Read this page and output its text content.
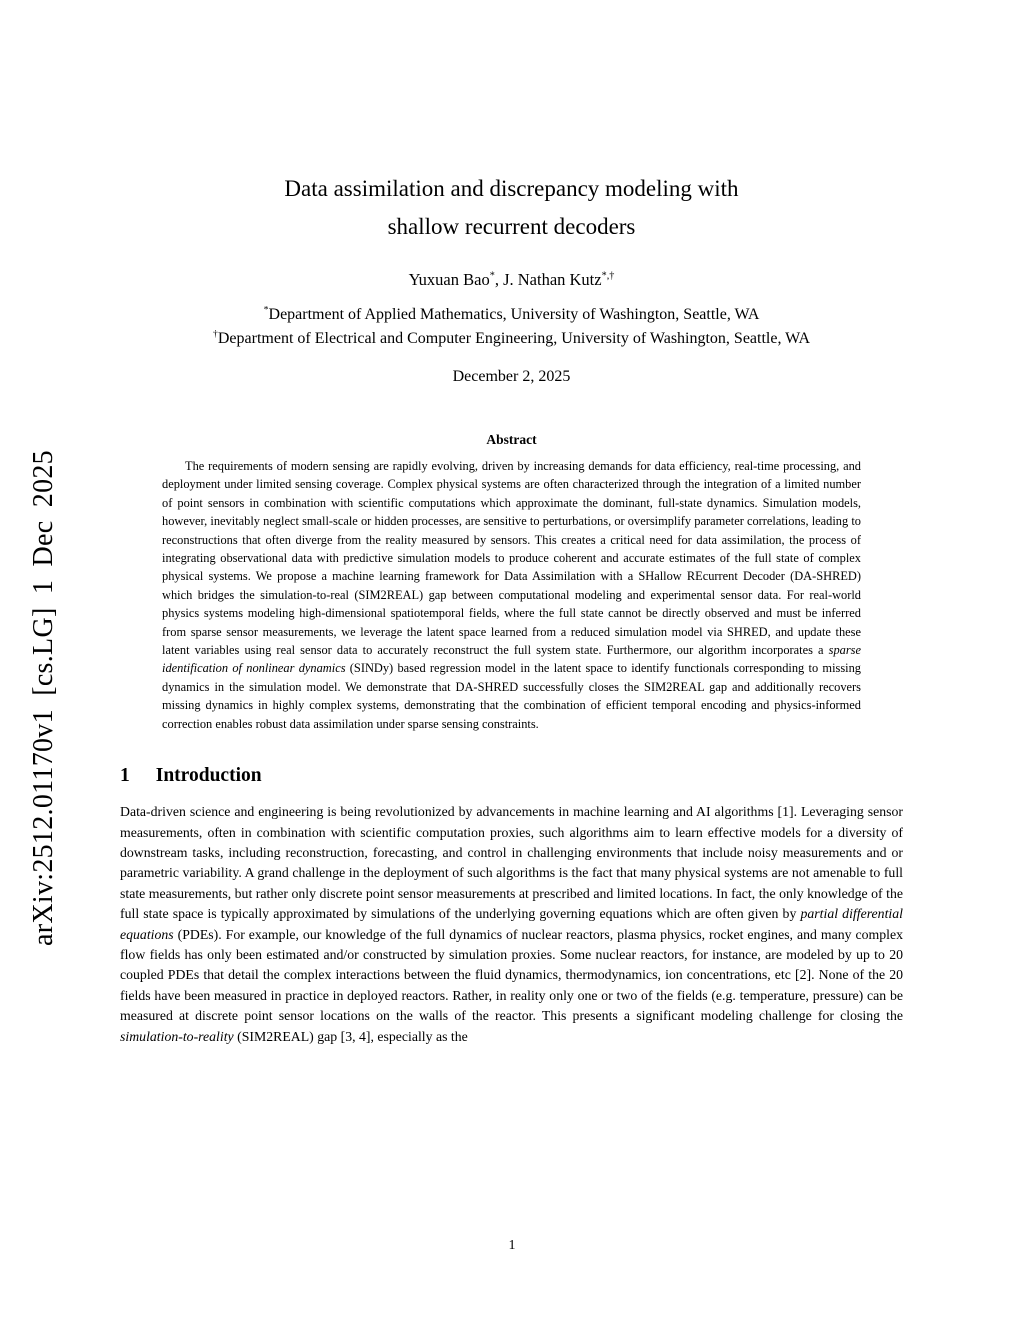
arXiv:2512.01170v1 [cs.LG] 1 Dec 2025
Data assimilation and discrepancy modeling with
shallow recurrent decoders
Yuxuan Bao*, J. Nathan Kutz*,†
*Department of Applied Mathematics, University of Washington, Seattle, WA
†Department of Electrical and Computer Engineering, University of Washington, Seattle, WA
December 2, 2025
Abstract

The requirements of modern sensing are rapidly evolving, driven by increasing demands for data efficiency, real-time processing, and deployment under limited sensing coverage. Complex physical systems are often characterized through the integration of a limited number of point sensors in combination with scientific computations which approximate the dominant, full-state dynamics. Simulation models, however, inevitably neglect small-scale or hidden processes, are sensitive to perturbations, or oversimplify parameter correlations, leading to reconstructions that often diverge from the reality measured by sensors. This creates a critical need for data assimilation, the process of integrating observational data with predictive simulation models to produce coherent and accurate estimates of the full state of complex physical systems. We propose a machine learning framework for Data Assimilation with a SHallow REcurrent Decoder (DA-SHRED) which bridges the simulation-to-real (SIM2REAL) gap between computational modeling and experimental sensor data. For real-world physics systems modeling high-dimensional spatiotemporal fields, where the full state cannot be directly observed and must be inferred from sparse sensor measurements, we leverage the latent space learned from a reduced simulation model via SHRED, and update these latent variables using real sensor data to accurately reconstruct the full system state. Furthermore, our algorithm incorporates a sparse identification of nonlinear dynamics (SINDy) based regression model in the latent space to identify functionals corresponding to missing dynamics in the simulation model. We demonstrate that DA-SHRED successfully closes the SIM2REAL gap and additionally recovers missing dynamics in highly complex systems, demonstrating that the combination of efficient temporal encoding and physics-informed correction enables robust data assimilation under sparse sensing constraints.

1 Introduction

Data-driven science and engineering is being revolutionized by advancements in machine learning and AI algorithms [1]. Leveraging sensor measurements, often in combination with scientific computation proxies, such algorithms aim to learn effective models for a diversity of downstream tasks, including reconstruction, forecasting, and control in challenging environments that include noisy measurements and or parametric variability. A grand challenge in the deployment of such algorithms is the fact that many physical systems are not amenable to full state measurements, but rather only discrete point sensor measurements at prescribed and limited locations. In fact, the only knowledge of the full state space is typically approximated by simulations of the underlying governing equations which are often given by partial differential equations (PDEs). For example, our knowledge of the full dynamics of nuclear reactors, plasma physics, rocket engines, and many complex flow fields has only been estimated and/or constructed by simulation proxies. Some nuclear reactors, for instance, are modeled by up to 20 coupled PDEs that detail the complex interactions between the fluid dynamics, thermodynamics, ion concentrations, etc [2]. None of the 20 fields have been measured in practice in deployed reactors. Rather, in reality only one or two of the fields (e.g. temperature, pressure) can be measured at discrete point sensor locations on the walls of the reactor. This presents a significant modeling challenge for closing the simulation-to-reality (SIM2REAL) gap [3, 4], especially as the

1
